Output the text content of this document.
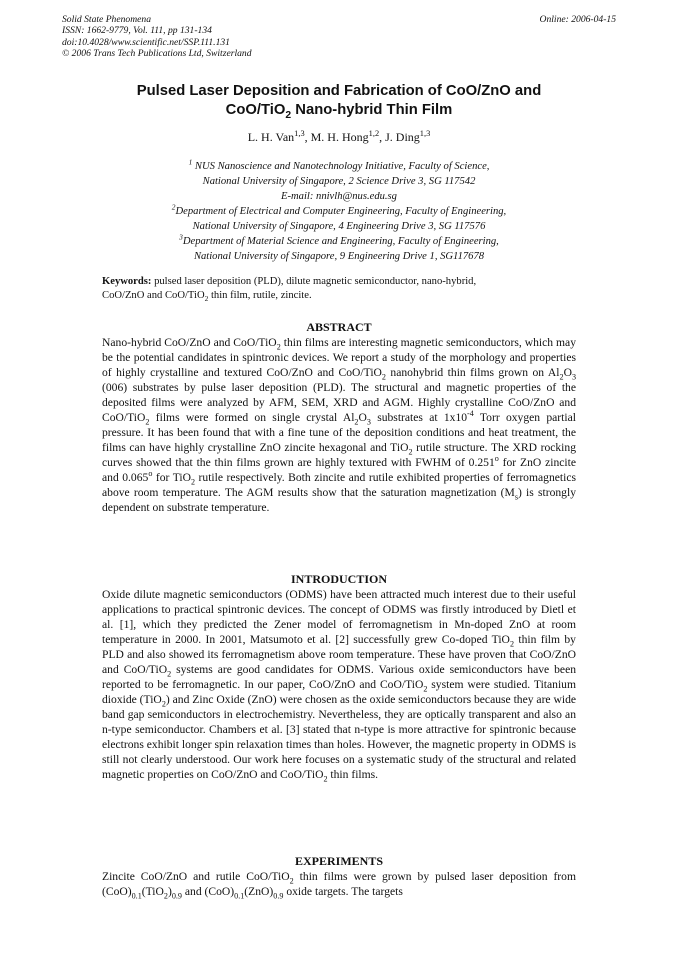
Solid State Phenomena
ISSN: 1662-9779, Vol. 111, pp 131-134
doi:10.4028/www.scientific.net/SSP.111.131
© 2006 Trans Tech Publications Ltd, Switzerland
Online: 2006-04-15
Pulsed Laser Deposition and Fabrication of CoO/ZnO and
CoO/TiO$_2$ Nano-hybrid Thin Film
L. H. Van$^{1,3}$, M. H. Hong$^{1,2}$, J. Ding$^{1,3}$
$^1$ NUS Nanoscience and Nanotechnology Initiative, Faculty of Science,
National University of Singapore, 2 Science Drive 3, SG 117542
E-mail: nnivlh@nus.edu.sg
$^2$Department of Electrical and Computer Engineering, Faculty of Engineering,
National University of Singapore, 4 Engineering Drive 3, SG 117576
$^3$Department of Material Science and Engineering, Faculty of Engineering,
National University of Singapore, 9 Engineering Drive 1, SG117678
Keywords: pulsed laser deposition (PLD), dilute magnetic semiconductor, nano-hybrid,
CoO/ZnO and CoO/TiO$_2$ thin film, rutile, zincite.
ABSTRACT
Nano-hybrid CoO/ZnO and CoO/TiO$_2$ thin films are interesting magnetic semiconductors, which may be the potential candidates in spintronic devices. We report a study of the morphology and properties of highly crystalline and textured CoO/ZnO and CoO/TiO$_2$ nanohybrid thin films grown on $Al_2O_3$ (006) substrates by pulse laser deposition (PLD). The structural and magnetic properties of the deposited films were analyzed by AFM, SEM, XRD and AGM. Highly crystalline CoO/ZnO and CoO/TiO$_2$ films were formed on single crystal $Al_2O_3$ substrates at $1x10^{-4}$ Torr oxygen partial pressure. It has been found that with a fine tune of the deposition conditions and heat treatment, the films can have highly crystalline ZnO zincite hexagonal and TiO$_2$ rutile structure. The XRD rocking curves showed that the thin films grown are highly textured with FWHM of 0.251$^o$ for ZnO zincite and 0.065$^o$ for TiO$_2$ rutile respectively. Both zincite and rutile exhibited properties of ferromagnetics above room temperature. The AGM results show that the saturation magnetization $(M_s)$ is strongly dependent on substrate temperature.
INTRODUCTION
Oxide dilute magnetic semiconductors (ODMS) have been attracted much interest due to their useful applications to practical spintronic devices. The concept of ODMS was firstly introduced by Dietl et al. [1], which they predicted the Zener model of ferromagnetism in Mn-doped ZnO at room temperature in 2000. In 2001, Matsumoto et al. [2] successfully grew Co-doped TiO$_2$ thin film by PLD and also showed its ferromagnetism above room temperature. These have proven that CoO/ZnO and CoO/TiO$_2$ systems are good candidates for ODMS. Various oxide semiconductors have been reported to be ferromagnetic. In our paper, CoO/ZnO and CoO/TiO$_2$ system were studied. Titanium dioxide (TiO$_2$) and Zinc Oxide (ZnO) were chosen as the oxide semiconductors because they are wide band gap semiconductors in electrochemistry. Nevertheless, they are optically transparent and also an n-type semiconductor. Chambers et al. [3] stated that n-type is more attractive for spintronic because electrons exhibit longer spin relaxation times than holes. However, the magnetic property in ODMS is still not clearly understood. Our work here focuses on a systematic study of the structural and related magnetic properties on CoO/ZnO and CoO/TiO$_2$ thin films.
EXPERIMENTS
Zincite CoO/ZnO and rutile CoO/TiO$_2$ thin films were grown by pulsed laser deposition from $(CoO)_{0.1}(TiO_2)_{0.9}$ and $(CoO)_{0.1}(ZnO)_{0.9}$ oxide targets. The targets
